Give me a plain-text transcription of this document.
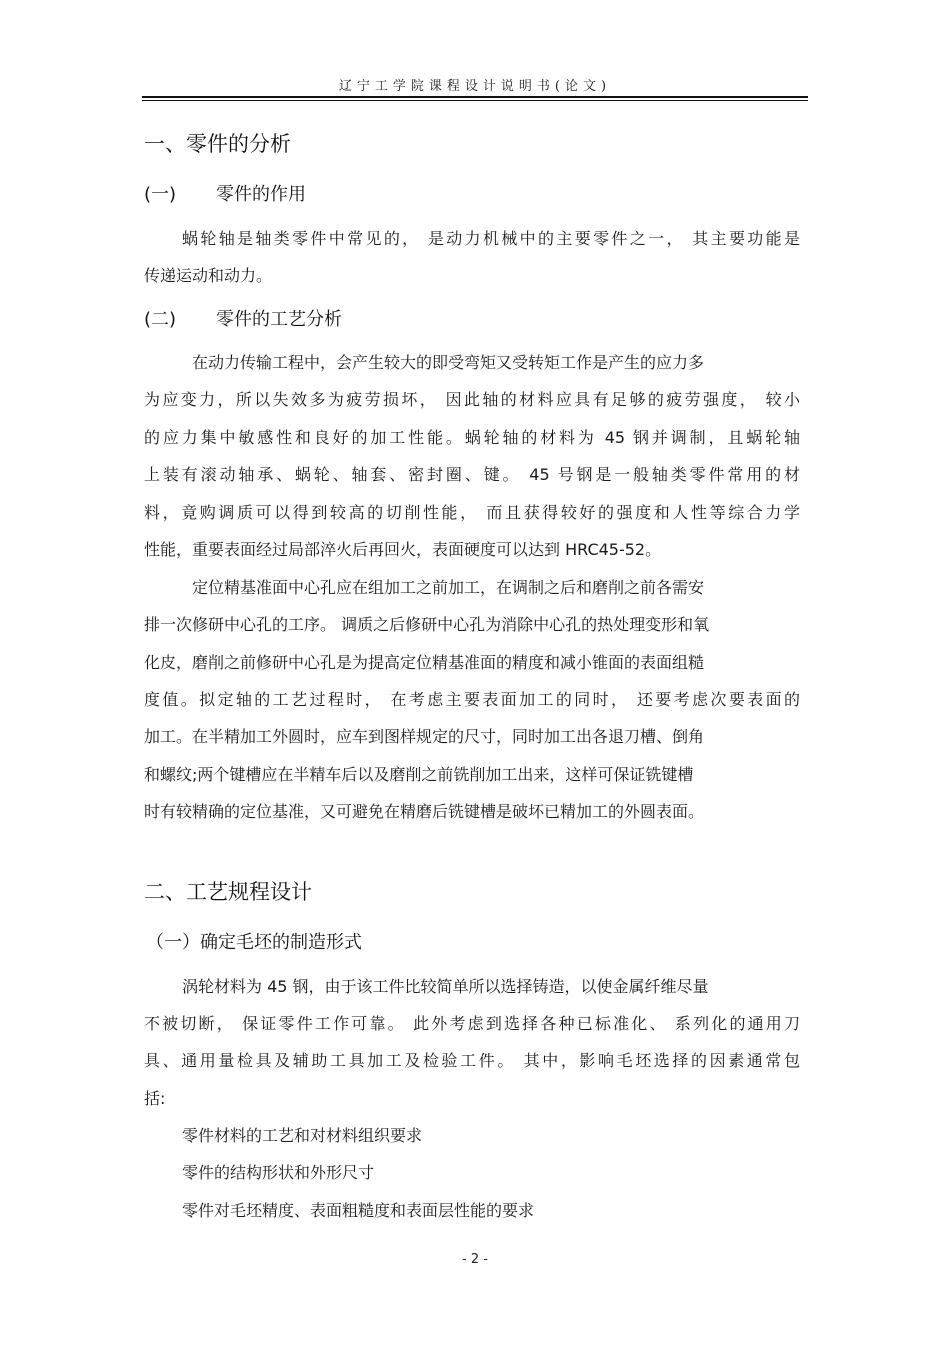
辽宁工学院课程设计说明书(论文)
一、零件的分析
(一) 零件的作用
蜗轮轴是轴类零件中常见的， 是动力机械中的主要零件之一， 其主要功能是
传递运动和动力。
(二) 零件的工艺分析
在动力传输工程中，会产生较大的即受弯矩又受转矩工作是产生的应力多
为应变力，所以失效多为疲劳损坏， 因此轴的材料应具有足够的疲劳强度， 较小
的应力集中敏感性和良好的加工性能。蜗轮轴的材料为 45 钢并调制，且蜗轮轴
上装有滚动轴承、蜗轮、轴套、密封圈、键。 45 号钢是一般轴类零件常用的材
料，竟购调质可以得到较高的切削性能， 而且获得较好的强度和人性等综合力学
性能，重要表面经过局部淬火后再回火，表面硬度可以达到 HRC45-52。
定位精基准面中心孔应在组加工之前加工，在调制之后和磨削之前各需安
排一次修研中心孔的工序。 调质之后修研中心孔为消除中心孔的热处理变形和氧
化皮，磨削之前修研中心孔是为提高定位精基准面的精度和减小锥面的表面组糙
度值。拟定轴的工艺过程时， 在考虑主要表面加工的同时， 还要考虑次要表面的
加工。在半精加工外圆时，应车到图样规定的尺寸，同时加工出各退刀槽、倒角
和螺纹;两个键槽应在半精车后以及磨削之前铣削加工出来，这样可保证铣键槽
时有较精确的定位基准，又可避免在精磨后铣键槽是破坏已精加工的外圆表面。
二、工艺规程设计
（一）确定毛坯的制造形式
涡轮材料为 45 钢，由于该工件比较简单所以选择铸造，以使金属纤维尽量
不被切断， 保证零件工作可靠。 此外考虑到选择各种已标准化、 系列化的通用刀
具、通用量检具及辅助工具加工及检验工件。 其中，影响毛坯选择的因素通常包
括:
零件材料的工艺和对材料组织要求
零件的结构形状和外形尺寸
零件对毛坯精度、表面粗糙度和表面层性能的要求
- 2 -
